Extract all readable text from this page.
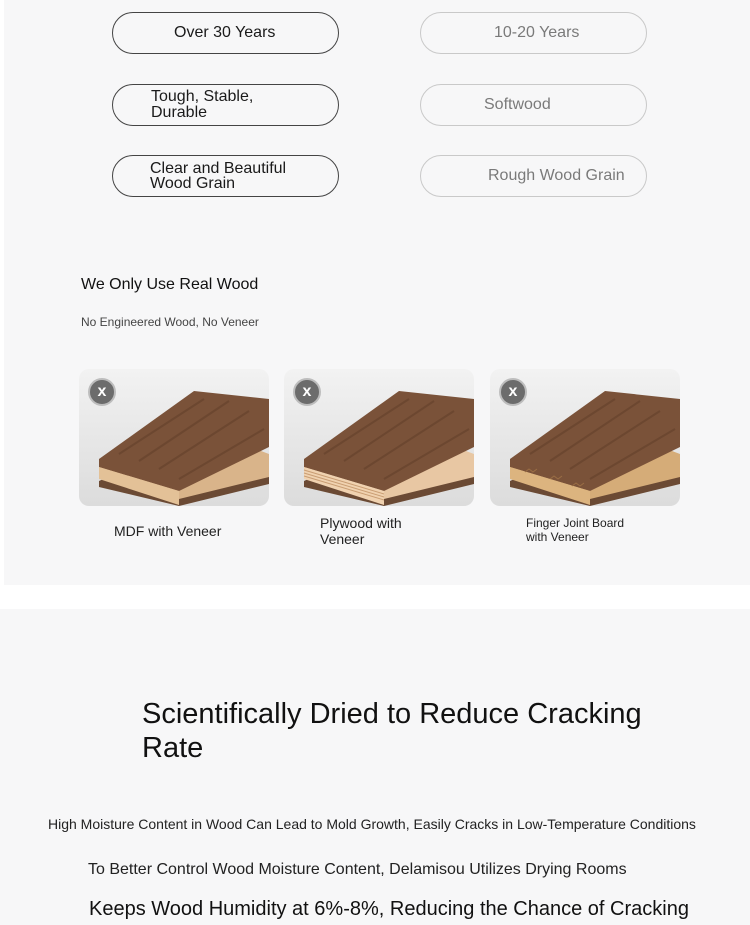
Over 30 Years	10-20 Years
Tough, Stable, Durable	Softwood
Clear and Beautiful Wood Grain	Rough Wood Grain
We Only Use Real Wood
No Engineered Wood, No Veneer
x
MDF with Veneer
x
Plywood with Veneer
x
Finger Joint Board with Veneer
Scientifically Dried to Reduce Cracking Rate
High Moisture Content in Wood Can Lead to Mold Growth, Easily Cracks in Low-Temperature Conditions
To Better Control Wood Moisture Content, Delamisou Utilizes Drying Rooms
Keeps Wood Humidity at 6%-8%, Reducing the Chance of Cracking
